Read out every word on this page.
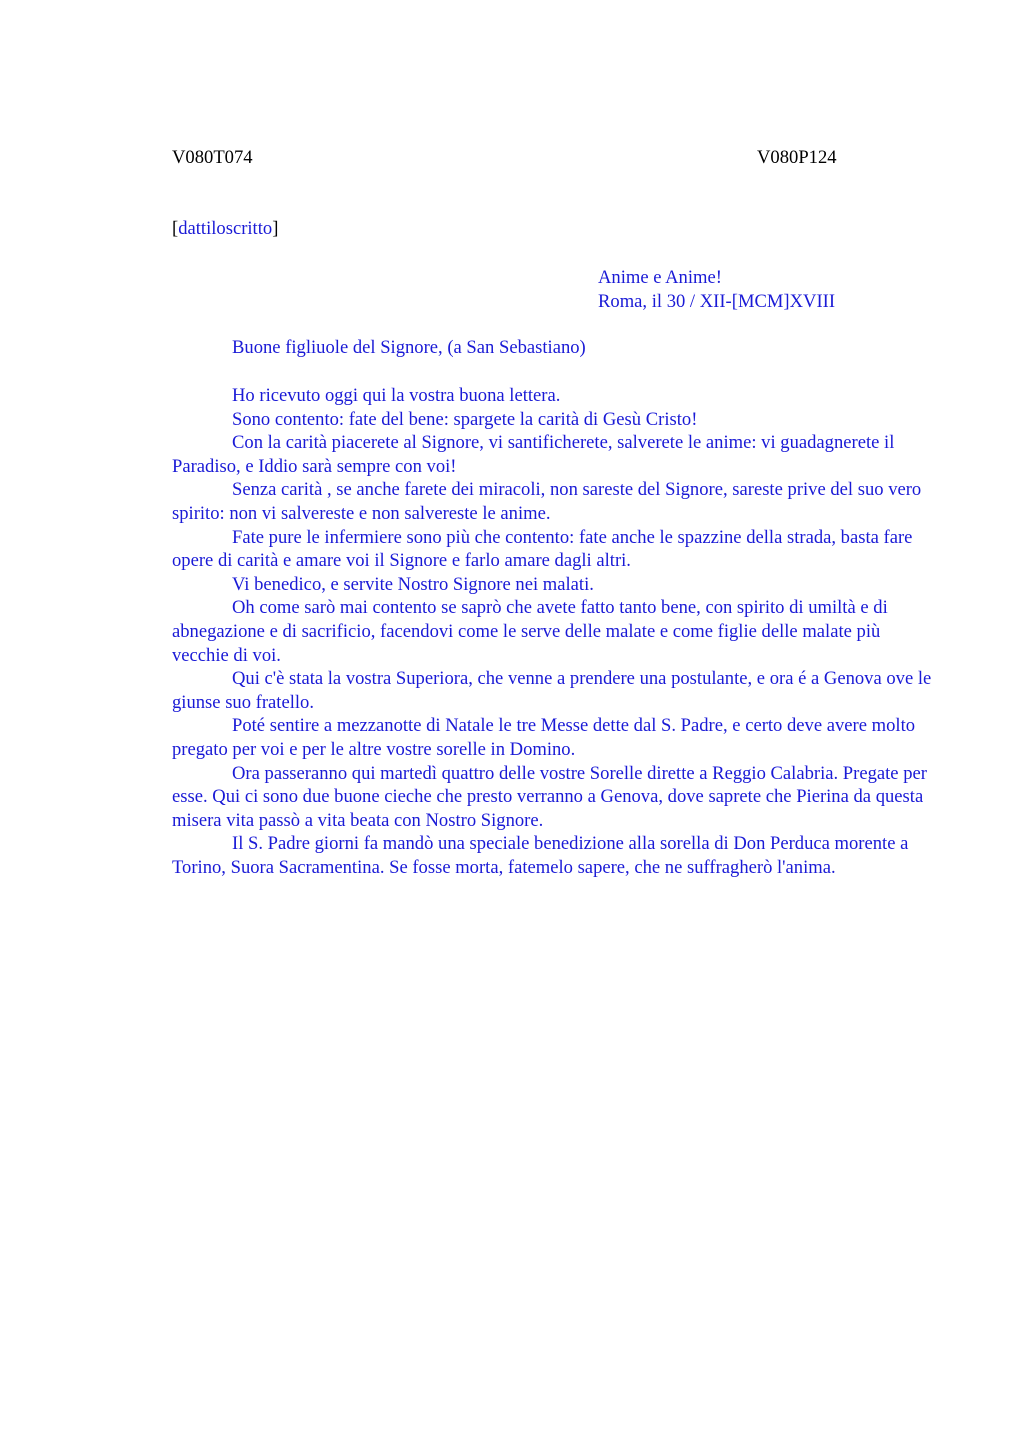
V080T074	V080P124
[dattiloscritto]
Anime e Anime!
Roma, il 30 / XII-[MCM]XVIII
Buone figliuole del Signore, (a San Sebastiano)

Ho ricevuto oggi qui la vostra buona lettera.

Sono contento: fate del bene: spargete la carità di Gesù Cristo!

Con la carità piacerete al Signore, vi santificherete, salverete le anime: vi guadagnerete il Paradiso, e Iddio sarà sempre con voi!

Senza carità , se anche farete dei miracoli, non sareste del Signore, sareste prive del suo vero spirito: non vi salvereste e non salvereste le anime.

Fate pure le infermiere sono più che contento: fate anche le spazzine della strada, basta fare opere di carità e amare voi il Signore e farlo amare dagli altri.

Vi benedico, e servite Nostro Signore nei malati.

Oh come sarò mai contento se saprò che avete fatto tanto bene, con spirito di umiltà e di abnegazione e di sacrificio, facendovi come le serve delle malate e come figlie delle malate più vecchie di voi.

Qui c'è stata la vostra Superiora, che venne a prendere una postulante, e ora é a Genova ove le giunse suo fratello.

Poté sentire a mezzanotte di Natale le tre Messe dette dal S. Padre, e certo deve avere molto pregato per voi e per le altre vostre sorelle in Domino.

Ora passeranno qui martedì quattro delle vostre Sorelle dirette a Reggio Calabria. Pregate per esse. Qui ci sono due buone cieche che presto verranno a Genova, dove saprete che Pierina da questa misera vita passò a vita beata con Nostro Signore.

Il S. Padre giorni fa mandò una speciale benedizione alla sorella di Don Perduca morente a Torino, Suora Sacramentina. Se fosse morta, fatemelo sapere, che ne suffragherò l'anima.
